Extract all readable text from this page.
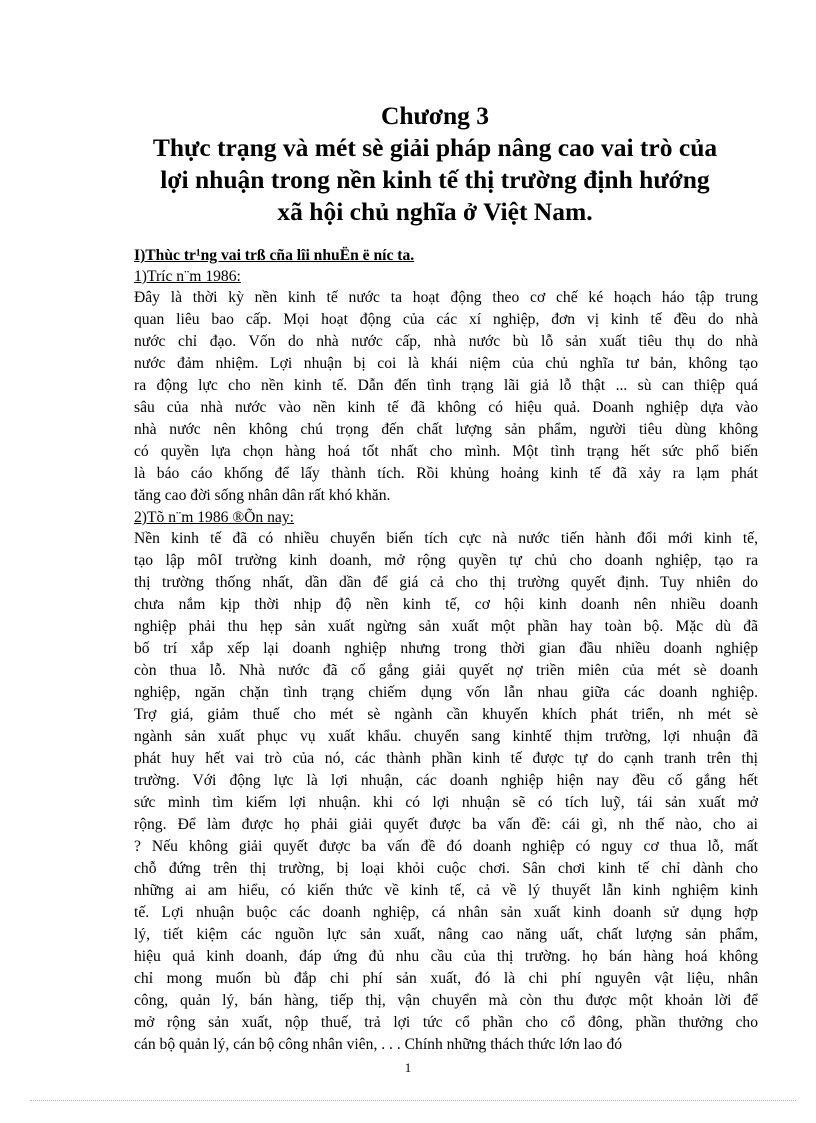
Chương 3
Thực trạng và mét sè giải pháp nâng cao vai trò của
lợi nhuận trong nền kinh tế thị trường định hướng
xã hội chủ nghĩa ở Việt Nam.
I)Thùc tr¹ng vai trß cña lîi nhuËn ë níc ta.
1)Tríc n¨m 1986:
Đây là thời kỳ nền kinh tế nước ta hoạt động theo cơ chế ké hoạch háo tập trung
quan liêu bao cấp. Mọi hoạt động của các xí nghiệp, đơn vị kinh tế đều do nhà
nước chỉ đạo. Vốn do nhà nước cấp, nhà nước bù lỗ sản xuất tiêu thụ do nhà
nước đảm nhiệm. Lợi nhuận bị coi là khái niệm của chủ nghĩa tư bản, không tạo
ra động lực cho nền kinh tế. Dẫn đến tình trạng lãi giả lỗ thật ... sù can thiệp quá
sâu của nhà nước vào nền kinh tế đã không có hiệu quả. Doanh nghiệp dựa vào
nhà nước nên không chú trọng đến chất lượng sản phẩm, người tiêu dùng không
có quyền lựa chọn hàng hoá tốt nhất cho mình. Một tình trạng hết sức phổ biến
là báo cáo khống để lấy thành tích. Rồi khủng hoảng kinh tế đã xảy ra lạm phát
tăng cao đời sống nhân dân rất khó khăn.
2)Tõ n¨m 1986 ®Õn nay:
Nền kinh tế đã có nhiều chuyển biến tích cực nà nước tiến hành đổi mới kinh tế,
tạo lập môI trường kinh doanh, mở rộng quyền tự chủ cho doanh nghiệp, tạo ra
thị trường thống nhất, dần dần để giá cả cho thị trường quyết định. Tuy nhiên do
chưa nắm kịp thời nhịp độ nền kinh tế, cơ hội kinh doanh nên nhiều doanh
nghiệp phải thu hẹp sản xuất ngừng sản xuất một phần hay toàn bộ. Mặc dù đã
bố trí xắp xếp lại doanh nghiệp nhưng trong thời gian đầu nhiều doanh nghiệp
còn thua lỗ. Nhà nước đã cố gắng giải quyết nợ triền miên của mét sè doanh
nghiệp, ngăn chặn tình trạng chiếm dụng vốn lẫn nhau giữa các doanh nghiệp.
Trợ giá, giảm thuế cho mét sè ngành cần khuyến khích phát triển, nh mét sè
ngành sản xuất phục vụ xuất khẩu. chuyển sang kinhtế thịm trường, lợi nhuận đã
phát huy hết vai trò của nó, các thành phần kinh tế được tự do cạnh tranh trên thị
trường. Với động lực là lợi nhuận, các doanh nghiệp hiện nay đều cố gắng hết
sức mình tìm kiếm lợi nhuận. khi có lợi nhuận sẽ có tích luỹ, tái sản xuất mở
rộng. Để làm được họ phải giải quyết được ba vấn đề: cái gì, nh thế nào, cho ai
? Nếu không giải quyết được ba vấn đề đó doanh nghiệp có nguy cơ thua lỗ, mất
chỗ đứng trên thị trường, bị loại khỏi cuộc chơi. Sân chơi kinh tế chỉ dành cho
những ai am hiểu, có kiến thức về kinh tế, cả về lý thuyết lẫn kinh nghiệm kinh
tế. Lợi nhuận buộc các doanh nghiệp, cá nhân sản xuất kinh doanh sử dụng hợp
lý, tiết kiệm các nguồn lực sản xuất, nâng cao năng uất, chất lượng sản phẩm,
hiệu quả kinh doanh, đáp ứng đủ nhu cầu của thị trường. họ bán hàng hoá không
chỉ mong muốn bù đắp chi phí sản xuất, đó là chi phí nguyên vật liệu, nhân
công, quản lý, bán hàng, tiếp thị, vận chuyển mà còn thu được một khoản lời để
mở rộng sản xuất, nộp thuế, trả lợi tức cổ phần cho cổ đông, phần thưởng cho
cán bộ quản lý, cán bộ công nhân viên, . . . Chính những thách thức lớn lao đó
1
